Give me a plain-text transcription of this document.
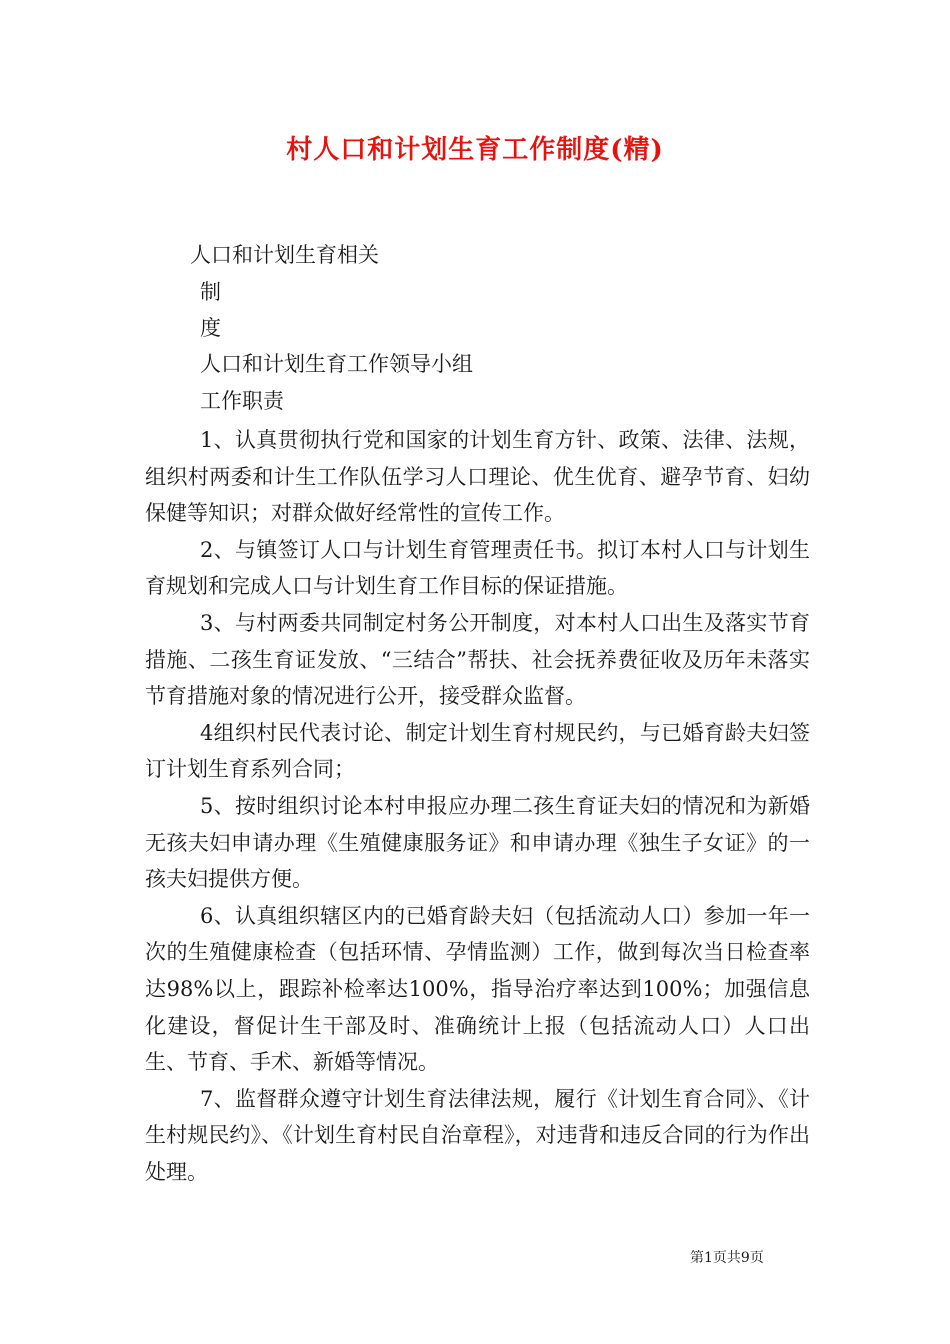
村人口和计划生育工作制度(精)
人口和计划生育相关
制
度
人口和计划生育工作领导小组
工作职责

1、认真贯彻执行党和国家的计划生育方针、政策、法律、法规，组织村两委和计生工作队伍学习人口理论、优生优育、避孕节育、妇幼保健等知识；对群众做好经常性的宣传工作。

2、与镇签订人口与计划生育管理责任书。拟订本村人口与计划生育规划和完成人口与计划生育工作目标的保证措施。

3、与村两委共同制定村务公开制度，对本村人口出生及落实节育措施、二孩生育证发放、“三结合”帮扶、社会抚养费征收及历年未落实节育措施对象的情况进行公开，接受群众监督。

4组织村民代表讨论、制定计划生育村规民约，与已婚育龄夫妇签订计划生育系列合同；

5、按时组织讨论本村申报应办理二孩生育证夫妇的情况和为新婚无孩夫妇申请办理《生殖健康服务证》和申请办理《独生子女证》的一孩夫妇提供方便。

6、认真组织辖区内的已婚育龄夫妇（包括流动人口）参加一年一次的生殖健康检查（包括环情、孕情监测）工作，做到每次当日检查率达98%以上，跟踪补检率达100%，指导治疗率达到100%；加强信息化建设，督促计生干部及时、准确统计上报（包括流动人口）人口出生、节育、手术、新婚等情况。

7、监督群众遵守计划生育法律法规，履行《计划生育合同》、《计生村规民约》、《计划生育村民自治章程》，对违背和违反合同的行为作出处理。

第1页共9页
